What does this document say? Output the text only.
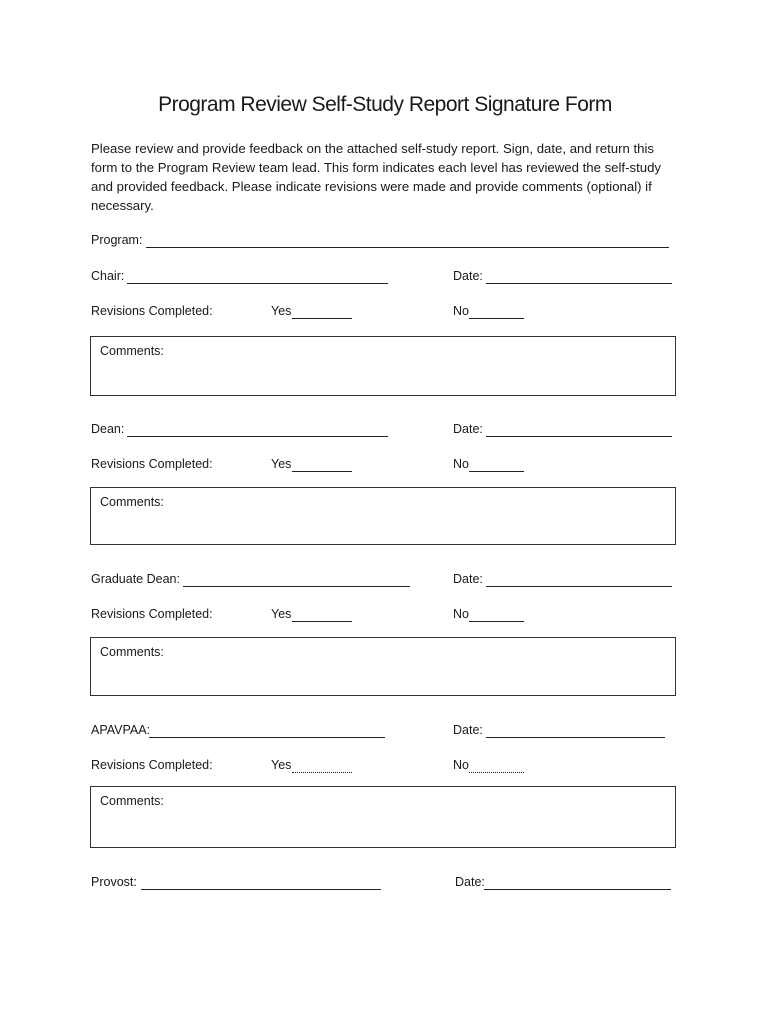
Program Review Self-Study Report Signature Form
Please review and provide feedback on the attached self-study report. Sign, date, and return this form to the Program Review team lead. This form indicates each level has reviewed the self-study and provided feedback. Please indicate revisions were made and provide comments (optional) if necessary.
Program:
Chair:	Date:
Revisions Completed:	Yes	No
Comments:
Dean:	Date:
Revisions Completed:	Yes	No
Comments:
Graduate Dean:	Date:
Revisions Completed:	Yes	No
Comments:
APAVPAA:	Date:
Revisions Completed:	Yes	No
Comments:
Provost:	Date:
